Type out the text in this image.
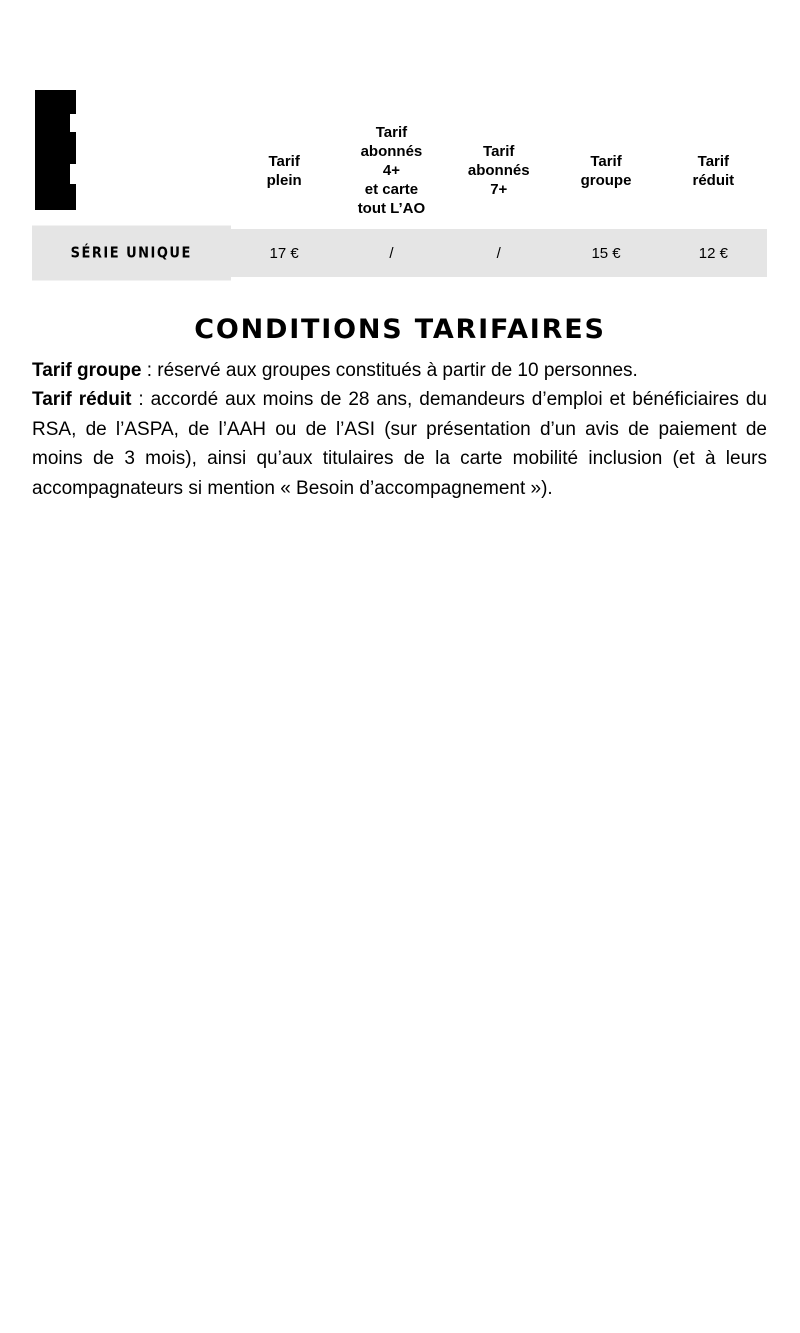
	Tarif
plein	Tarif
abonnés
4+
et carte
tout L’AO	Tarif
abonnés
7+	Tarif
groupe	Tarif
réduit
SÉRIE UNIQUE	17 €	/	/	15 €	12 €
CONDITIONS TARIFAIRES

Tarif groupe : réservé aux groupes constitués à partir de 10 personnes.

Tarif réduit : accordé aux moins de 28 ans, demandeurs d’emploi et bénéficiaires du RSA, de l’ASPA, de l’AAH ou de l’ASI (sur présentation d’un avis de paiement de moins de 3 mois), ainsi qu’aux titulaires de la carte mobilité inclusion (et à leurs accompagnateurs si mention « Besoin d’accompagnement »).
